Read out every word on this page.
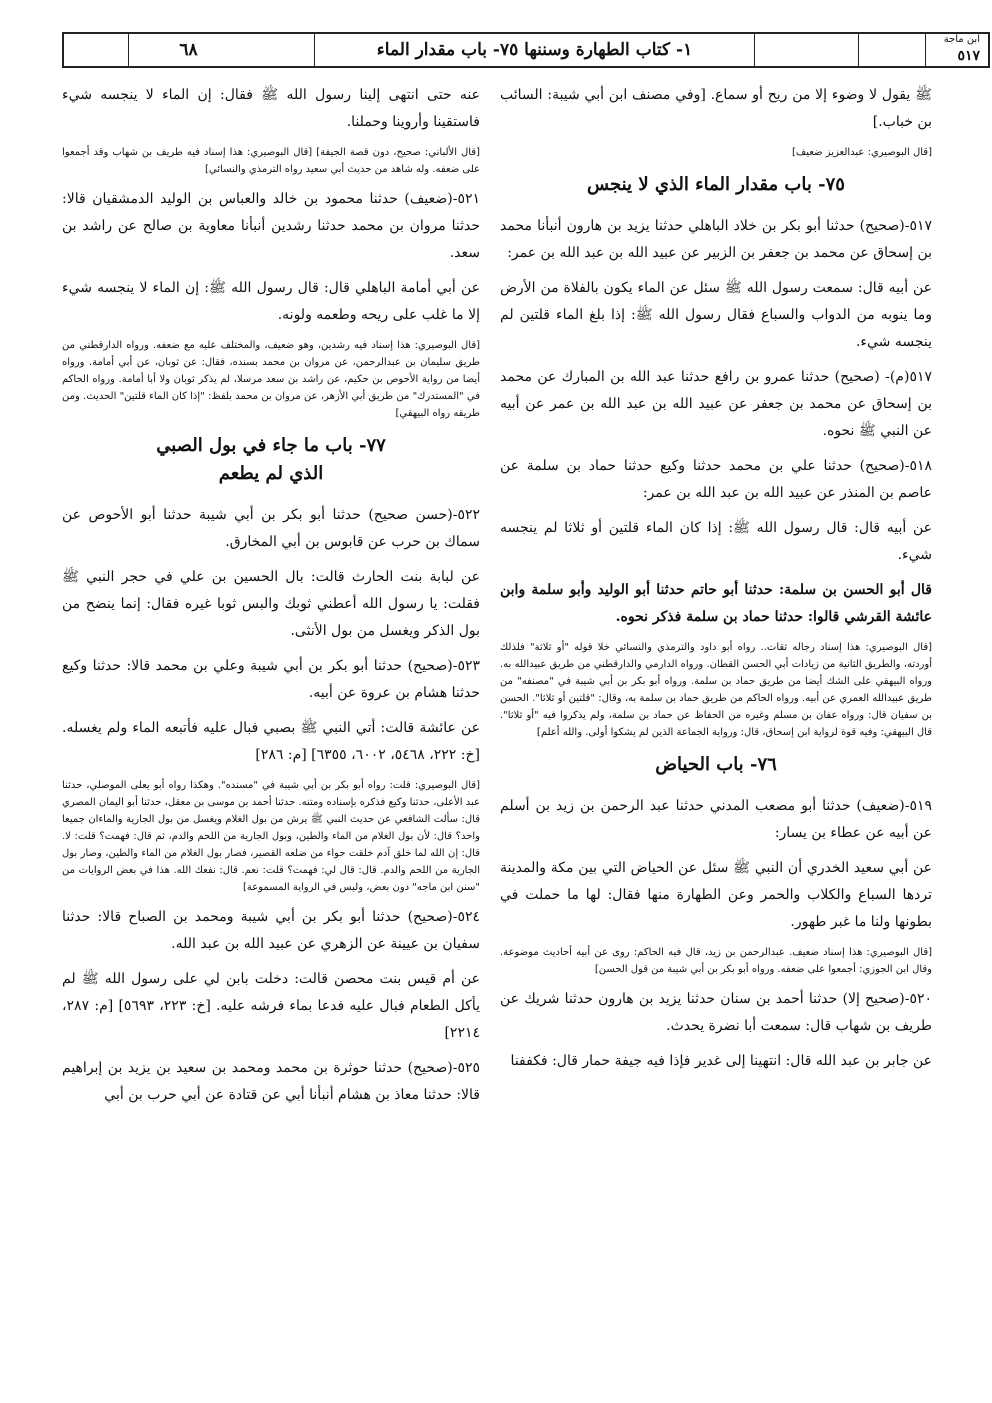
ابن ماجة
٥١٧
١- كتاب الطهارة وسننها ٧٥- باب مقدار الماء
٦٨

ﷺ يقول لا وضوء إلا من ريح أو سماع. [وفي مصنف ابن أبي شيبة: السائب بن خباب.]

[قال البوصيري: عبدالعزيز ضعيف]

٧٥- باب مقدار الماء الذي لا ينجس

٥١٧-(صحيح) حدثنا أبو بكر بن خلاد الباهلي حدثنا يزيد بن هارون أنبأنا محمد بن إسحاق عن محمد بن جعفر بن الزبير عن عبيد الله بن عبد الله بن عمر:

عن أبيه قال: سمعت رسول الله ﷺ سئل عن الماء يكون بالفلاة من الأرض وما ينوبه من الدواب والسباع فقال رسول الله ﷺ: إذا بلغ الماء قلتين لم ينجسه شيء.

٥١٧(م)- (صحيح) حدثنا عمرو بن رافع حدثنا عبد الله بن المبارك عن محمد بن إسحاق عن محمد بن جعفر عن عبيد الله بن عبد الله بن عمر عن أبيه عن النبي ﷺ نحوه.

٥١٨-(صحيح) حدثنا علي بن محمد حدثنا وكيع حدثنا حماد بن سلمة عن عاصم بن المنذر عن عبيد الله بن عبد الله بن عمر:

عن أبيه قال: قال رسول الله ﷺ: إذا كان الماء قلتين أو ثلاثا لم ينجسه شيء.

قال أبو الحسن بن سلمة: حدثنا أبو حاتم حدثنا أبو الوليد وأبو سلمة وابن عائشة القرشي قالوا: حدثنا حماد بن سلمة فذكر نحوه.

[قال البوصيري: هذا إسناد رجاله ثقات.. رواه أبو داود والترمذي والنسائي خلا قوله "أو ثلاثة" فلذلك أوردته، والطريق الثانية من زيادات أبي الحسن القطان. ورواه الدارمي والدارقطني من طريق عبيدالله به. ورواه البيهقي على الشك أيضا من طريق حماد بن سلمة. ورواه أبو بكر بن أبي شيبة في "مصنفه" من طريق عبيدالله العمري عن أبيه. ورواه الحاكم من طريق حماد بن سلمة به، وقال: "قلتين أو ثلاثا". الحسن بن سفيان قال: ورواه عفان بن مسلم وغيره من الحفاظ عن حماد بن سلمة، ولم يذكروا فيه "أو ثلاثا". قال البيهقي: وفيه قوة لرواية ابن إسحاق، قال: ورواية الجماعة الذين لم يشكوا أولى. والله أعلم]

٧٦- باب الحياض

٥١٩-(ضعيف) حدثنا أبو مصعب المدني حدثنا عبد الرحمن بن زيد بن أسلم عن أبيه عن عطاء بن يسار:

عن أبي سعيد الخدري أن النبي ﷺ سئل عن الحياض التي بين مكة والمدينة تردها السباع والكلاب والحمر وعن الطهارة منها فقال: لها ما حملت في بطونها ولنا ما غبر طهور.

[قال البوصيري: هذا إسناد ضعيف. عبدالرحمن بن زيد، قال فيه الحاكم: روى عن أبيه أحاديث موضوعة. وقال ابن الجوزي: أجمعوا على ضعفه. ورواه أبو بكر بن أبي شيبة من قول الحسن]

٥٢٠-(صحيح إلا) حدثنا أحمد بن سنان حدثنا يزيد بن هارون حدثنا شريك عن طريف بن شهاب قال: سمعت أبا نضرة يحدث.

عن جابر بن عبد الله قال: انتهينا إلى غدير فإذا فيه جيفة حمار قال: فكففنا

عنه حتى انتهى إلينا رسول الله ﷺ فقال: إن الماء لا ينجسه شيء فاستقينا وأروينا وحملنا.

[قال الألباني: صحيح، دون قصة الجيفة] [قال البوصيري: هذا إسناد فيه طريف بن شهاب وقد أجمعوا على ضعفه. وله شاهد من حديث أبي سعيد رواه الترمذي والنسائي]

٥٢١-(ضعيف) حدثنا محمود بن خالد والعباس بن الوليد الدمشقيان قالا: حدثنا مروان بن محمد حدثنا رشدين أنبأنا معاوية بن صالح عن راشد بن سعد.

عن أبي أمامة الباهلي قال: قال رسول الله ﷺ: إن الماء لا ينجسه شيء إلا ما غلب على ريحه وطعمه ولونه.

[قال البوصيري: هذا إسناد فيه رشدين، وهو ضعيف، والمختلف عليه مع ضعفه. ورواه الدارقطني من طريق سليمان بن عبدالرحمن، عن مروان بن محمد بسنده، فقال: عن ثوبان، عن أبي أمامة. ورواه أيضا من رواية الأحوص بن حكيم، عن راشد بن سعد مرسلا، لم يذكر ثوبان ولا أبا أمامة. ورواه الحاكم في "المستدرك" من طريق أبي الأزهر، عن مروان بن محمد بلفظ: "إذا كان الماء قلتين" الحديث. ومن طريقه رواه البيهقي]

٧٧- باب ما جاء في بول الصبي
الذي لم يطعم

٥٢٢-(حسن صحيح) حدثنا أبو بكر بن أبي شيبة حدثنا أبو الأحوص عن سماك بن حرب عن قابوس بن أبي المخارق.

عن لبابة بنت الحارث قالت: بال الحسين بن علي في حجر النبي ﷺ فقلت: يا رسول الله أعطني ثوبك والبس ثوبا غيره فقال: إنما ينضح من بول الذكر ويغسل من بول الأنثى.

٥٢٣-(صحيح) حدثنا أبو بكر بن أبي شيبة وعلي بن محمد قالا: حدثنا وكيع حدثنا هشام بن عروة عن أبيه.

عن عائشة قالت: أتي النبي ﷺ بصبي فبال عليه فأتبعه الماء ولم يغسله. [خ: ٢٢٢، ٥٤٦٨، ٦٠٠٢، ٦٣٥٥] [م: ٢٨٦]

[قال البوصيري: قلت: رواه أبو بكر بن أبي شيبة في "مسنده". وهكذا رواه أبو يعلى الموصلي، حدثنا عبد الأعلى، حدثنا وكيع فذكره بإسناده ومتنه. حدثنا أحمد بن موسى بن معقل، حدثنا أبو اليمان المصري قال: سألت الشافعي عن حديث النبي ﷺ يرش من بول الغلام ويغسل من بول الجارية والماءان جميعا واحد؟ قال: لأن بول الغلام من الماء والطين، وبول الجارية من اللحم والدم، ثم قال: فهمت؟ قلت: لا. قال: إن الله لما خلق آدم خلقت حواء من ضلعه القصير، فصار بول الغلام من الماء والطين، وصار بول الجارية من اللحم والدم. قال: قال لي: فهمت؟ قلت: نعم. قال: نفعك الله. هذا في بعض الروايات من "سنن ابن ماجه" دون بعض، وليس في الرواية المسموعة]

٥٢٤-(صحيح) حدثنا أبو بكر بن أبي شيبة ومحمد بن الصباح قالا: حدثنا سفيان بن عيينة عن الزهري عن عبيد الله بن عبد الله.

عن أم قيس بنت محصن قالت: دخلت بابن لي على رسول الله ﷺ لم يأكل الطعام فبال عليه فدعا بماء فرشه عليه. [خ: ٢٢٣، ٥٦٩٣] [م: ٢٨٧، ٢٢١٤]

٥٢٥-(صحيح) حدثنا حوثرة بن محمد ومحمد بن سعيد بن يزيد بن إبراهيم قالا: حدثنا معاذ بن هشام أنبأنا أبي عن قتادة عن أبي حرب بن أبي
